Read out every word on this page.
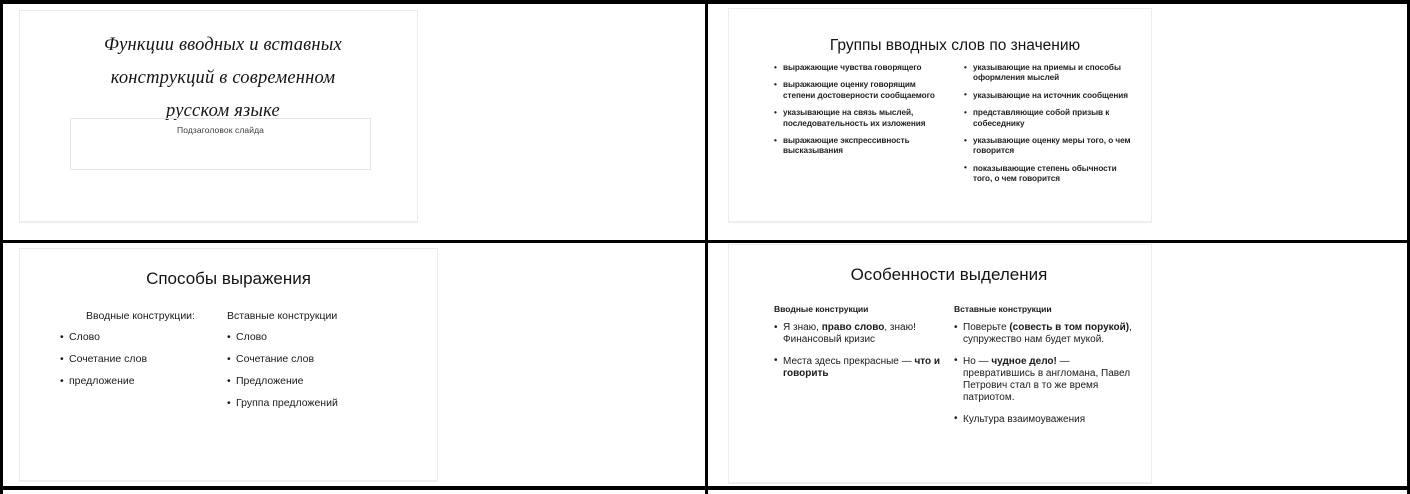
Функции вводных и вставных
конструкций в современном
русском языке
Подзаголовок слайда
Группы вводных слов по значению
• выражающие чувства говорящего
• выражающие оценку говорящим степени достоверности сообщаемого
• указывающие на связь мыслей, последовательность их изложения
• выражающие экспрессивность высказывания
• указывающие на приемы и способы оформления мыслей
• указывающие на источник сообщения
• представляющие собой призыв к собеседнику
• указывающие оценку меры того, о чем говорится
• показывающие степень обычности того, о чем говорится
Способы выражения
Вводные конструкции:
• Слово
• Сочетание слов
• предложение
Вставные конструкции
• Слово
• Сочетание слов
• Предложение
• Группа предложений
Особенности выделения
Вводные конструкции
• Я знаю, право слово, знаю! Финансовый кризис
• Места здесь прекрасные — что и говорить
Вставные конструкции
• Поверьте (совесть в том порукой), супружество нам будет мукой.
• Но — чудное дело! — превратившись в англомана, Павел Петрович стал в то же время патриотом.
• Культура взаимоуважения
